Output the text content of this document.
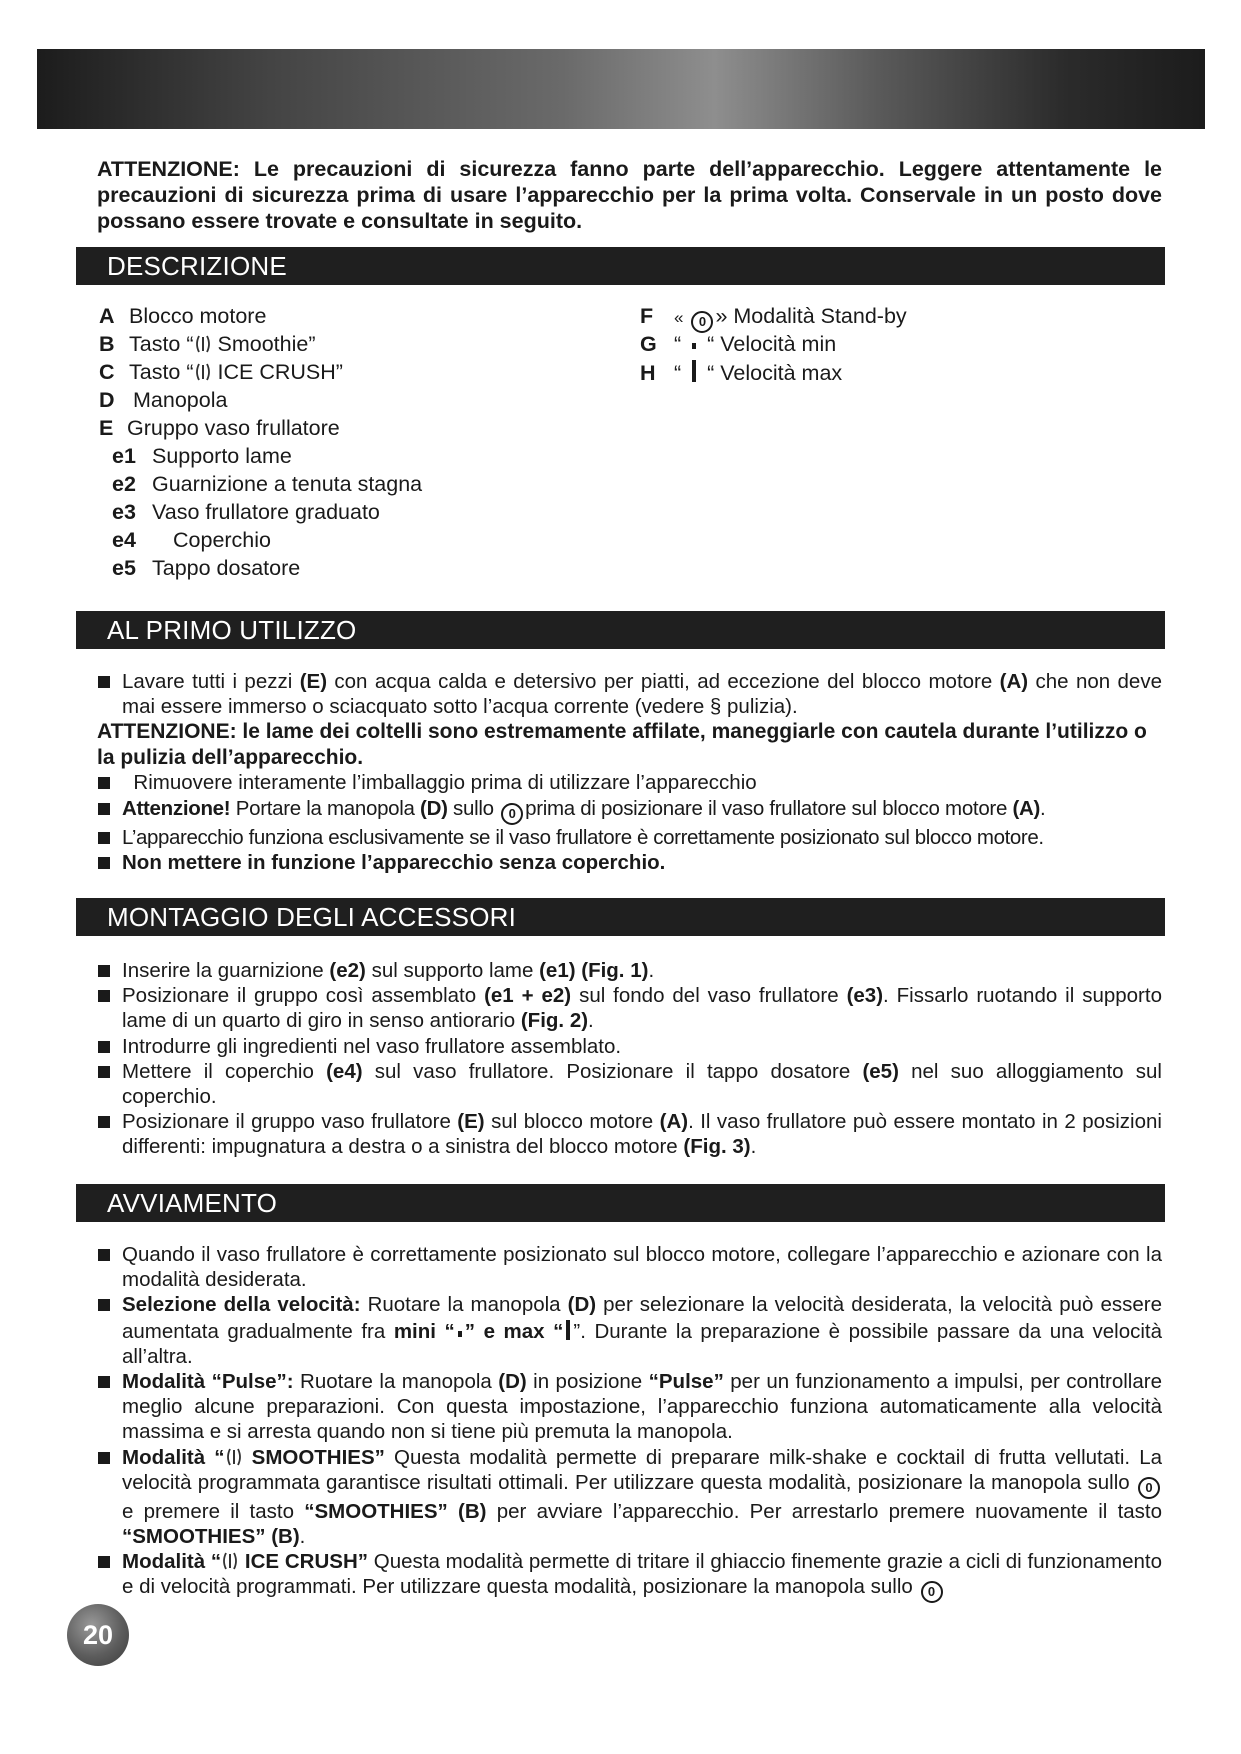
ATTENZIONE: Le precauzioni di sicurezza fanno parte dell’apparecchio. Leggere attentamente le precauzioni di sicurezza prima di usare l’apparecchio per la prima volta. Conservale in un posto dove possano essere trovate e consultate in seguito.
DESCRIZIONE
A Blocco motore
B Tasto “ Smoothie”
C Tasto “ ICE CRUSH”
D Manopola
E Gruppo vaso frullatore
e1 Supporto lame
e2 Guarnizione a tenuta stagna
e3 Vaso frullatore graduato
e4 Coperchio
e5 Tappo dosatore
F « 0 » Modalità Stand-by
G “ “ Velocità min
H “ “ Velocità max
AL PRIMO UTILIZZO
Lavare tutti i pezzi (E) con acqua calda e detersivo per piatti, ad eccezione del blocco motore (A) che non deve mai essere immerso o sciacquato sotto l’acqua corrente (vedere § pulizia).
ATTENZIONE: le lame dei coltelli sono estremamente affilate, maneggiarle con cautela durante l’utilizzo o la pulizia dell’apparecchio.
Rimuovere interamente l’imballaggio prima di utilizzare l’apparecchio
Attenzione! Portare la manopola (D) sullo 0 prima di posizionare il vaso frullatore sul blocco motore (A).
L’apparecchio funziona esclusivamente se il vaso frullatore è correttamente posizionato sul blocco motore.
Non mettere in funzione l’apparecchio senza coperchio.
MONTAGGIO DEGLI ACCESSORI
Inserire la guarnizione (e2) sul supporto lame (e1) (Fig. 1).
Posizionare il gruppo così assemblato (e1 + e2) sul fondo del vaso frullatore (e3). Fissarlo ruotando il supporto lame di un quarto di giro in senso antiorario (Fig. 2).
Introdurre gli ingredienti nel vaso frullatore assemblato.
Mettere il coperchio (e4) sul vaso frullatore. Posizionare il tappo dosatore (e5) nel suo alloggiamento sul coperchio.
Posizionare il gruppo vaso frullatore (E) sul blocco motore (A). Il vaso frullatore può essere montato in 2 posizioni differenti: impugnatura a destra o a sinistra del blocco motore (Fig. 3).
AVVIAMENTO
Quando il vaso frullatore è correttamente posizionato sul blocco motore, collegare l’apparecchio e azionare con la modalità desiderata.
Selezione della velocità: Ruotare la manopola (D) per selezionare la velocità desiderata, la velocità può essere aumentata gradualmente fra mini “ ” e max “ ”. Durante la preparazione è possibile passare da una velocità all’altra.
Modalità “Pulse”: Ruotare la manopola (D) in posizione “Pulse” per un funzionamento a impulsi, per controllare meglio alcune preparazioni. Con questa impostazione, l’apparecchio funziona automaticamente alla velocità massima e si arresta quando non si tiene più premuta la manopola.
Modalità “ SMOOTHIES” Questa modalità permette di preparare milk-shake e cocktail di frutta vellutati. La velocità programmata garantisce risultati ottimali. Per utilizzare questa modalità, posizionare la manopola sullo 0 e premere il tasto “SMOOTHIES” (B) per avviare l’apparecchio. Per arrestarlo premere nuovamente il tasto “SMOOTHIES” (B).
Modalità “ ICE CRUSH” Questa modalità permette di tritare il ghiaccio finemente grazie a cicli di funzionamento e di velocità programmati. Per utilizzare questa modalità, posizionare la manopola sullo 0
20
